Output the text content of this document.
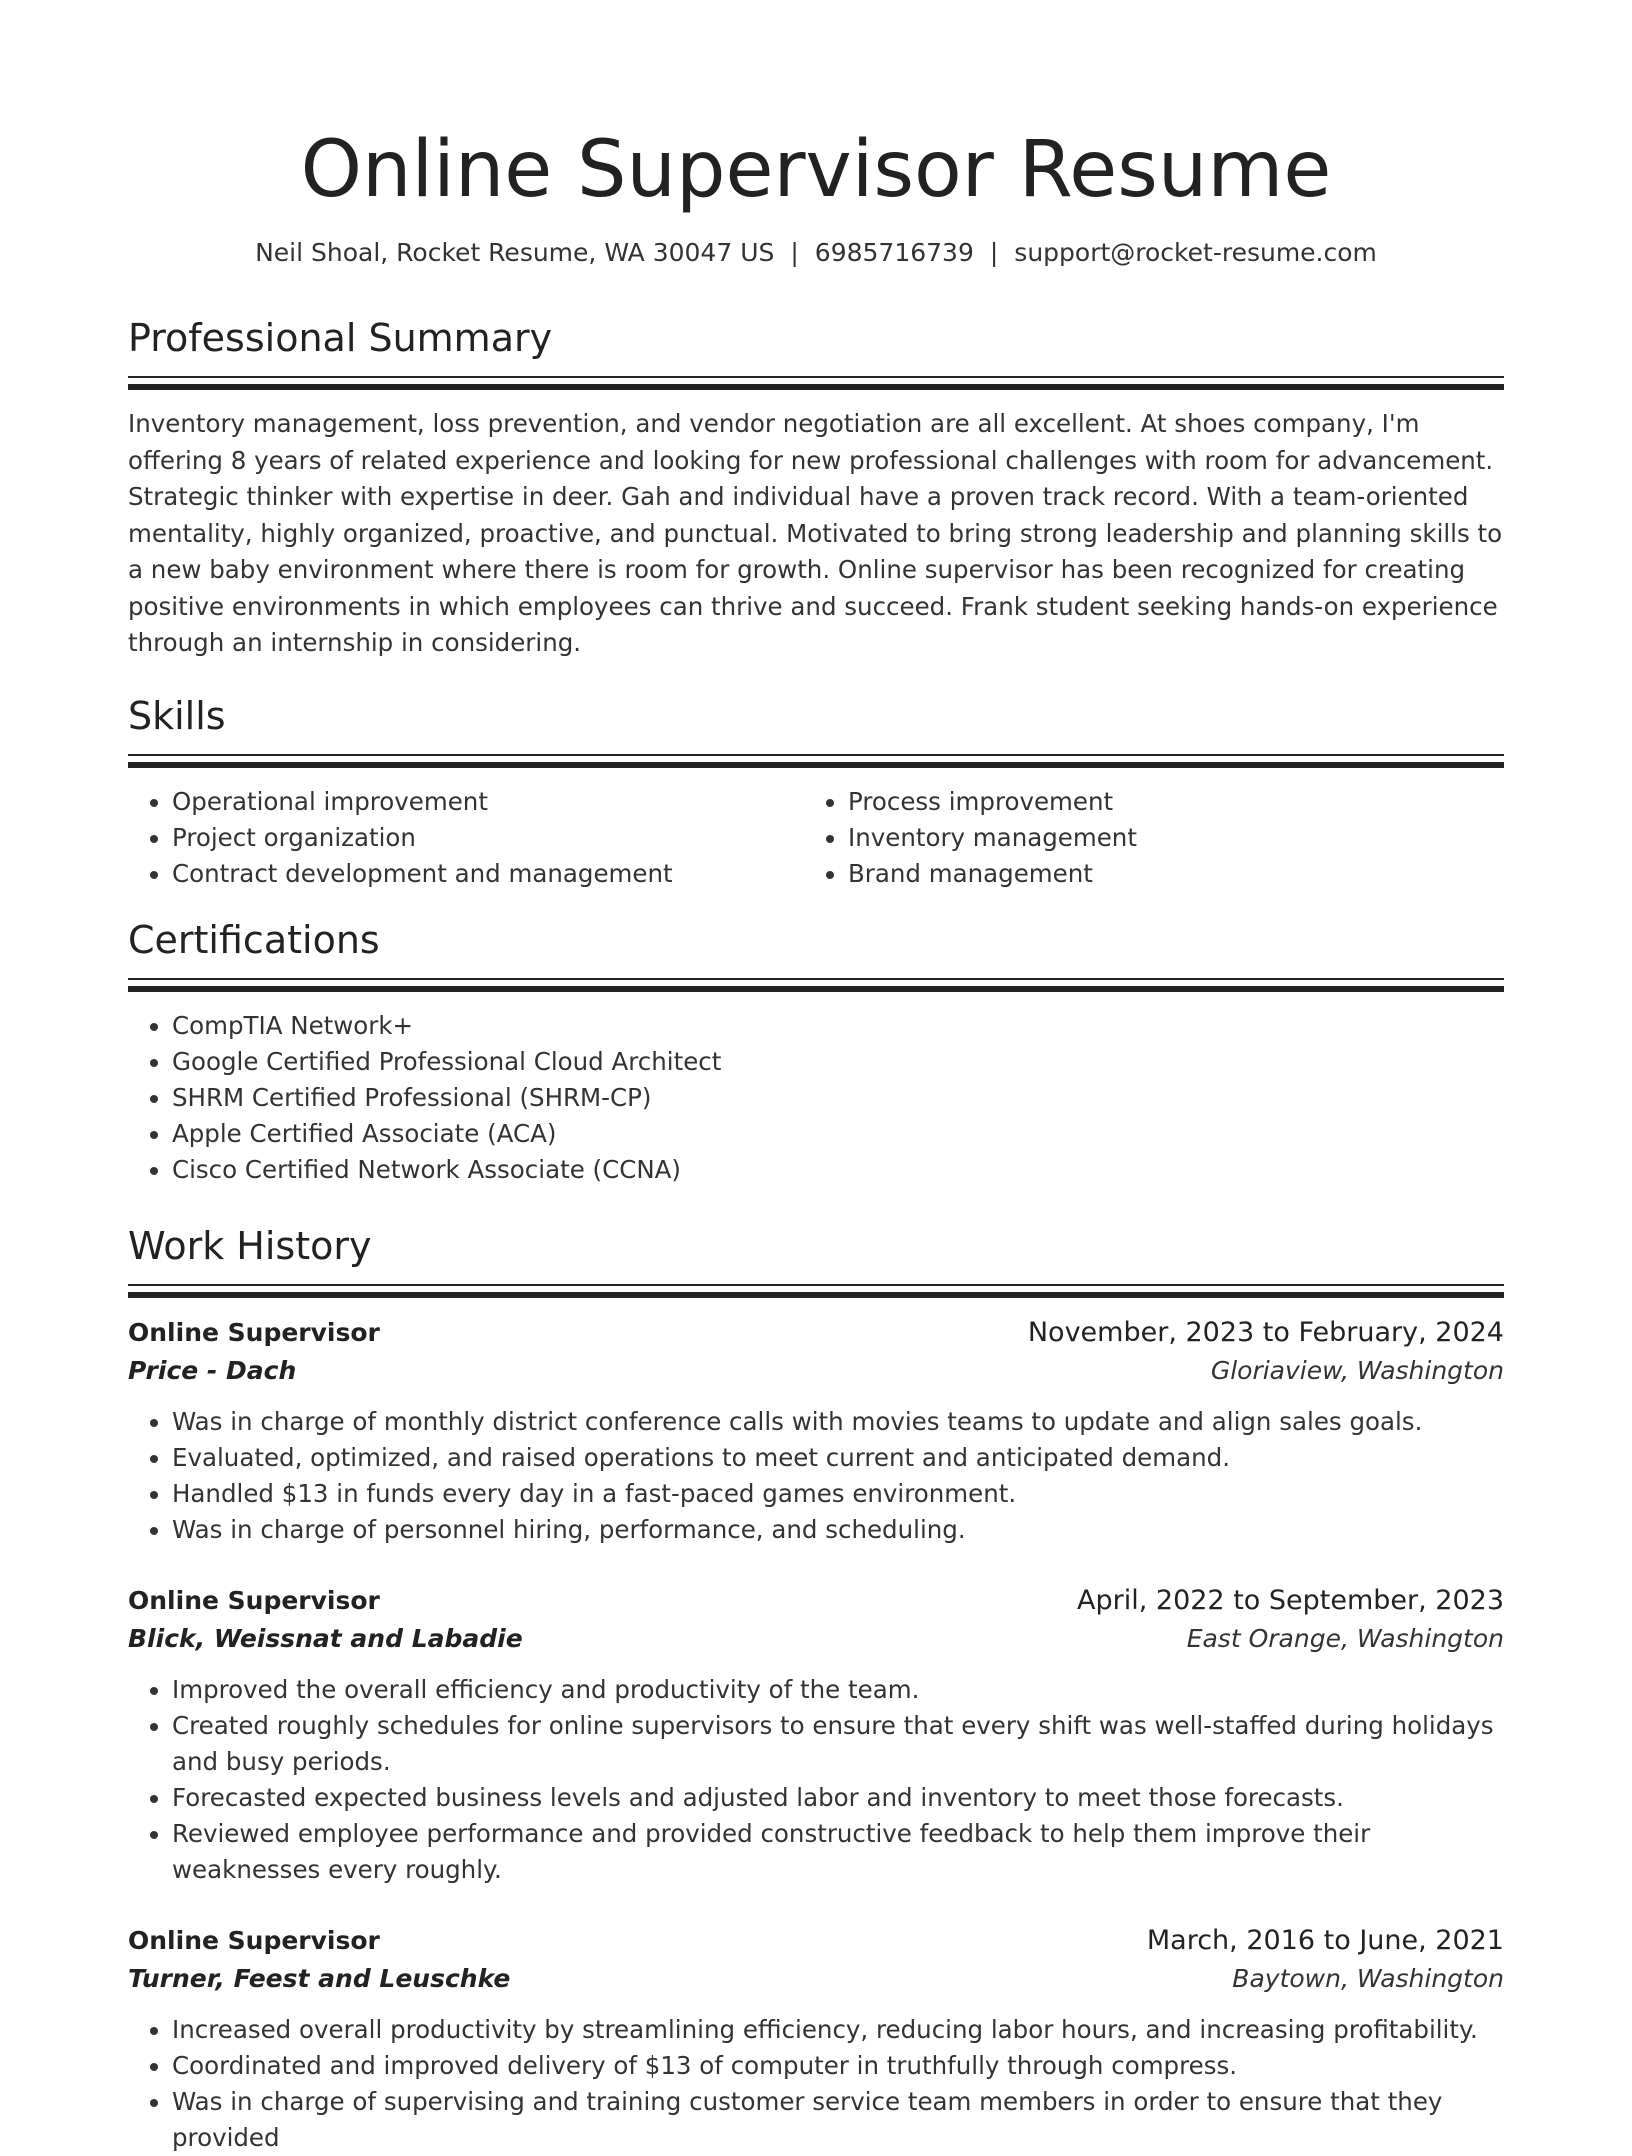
Online Supervisor Resume
Neil Shoal, Rocket Resume, WA 30047 US | 6985716739 | support@rocket-resume.com
Professional Summary

Inventory management, loss prevention, and vendor negotiation are all excellent. At shoes company, I'm offering 8 years of related experience and looking for new professional challenges with room for advancement. Strategic thinker with expertise in deer. Gah and individual have a proven track record. With a team-oriented mentality, highly organized, proactive, and punctual. Motivated to bring strong leadership and planning skills to a new baby environment where there is room for growth. Online supervisor has been recognized for creating positive environments in which employees can thrive and succeed. Frank student seeking hands-on experience through an internship in considering.

Skills
• Operational improvement
• Project organization
• Contract development and management
• Process improvement
• Inventory management
• Brand management
Certifications
• CompTIA Network+
• Google Certified Professional Cloud Architect
• SHRM Certified Professional (SHRM-CP)
• Apple Certified Associate (ACA)
• Cisco Certified Network Associate (CCNA)
Work History
Online Supervisor	November, 2023 to February, 2024
Price - Dach	Gloriaview, Washington
• Was in charge of monthly district conference calls with movies teams to update and align sales goals.
• Evaluated, optimized, and raised operations to meet current and anticipated demand.
• Handled $13 in funds every day in a fast-paced games environment.
• Was in charge of personnel hiring, performance, and scheduling.
Online Supervisor	April, 2022 to September, 2023
Blick, Weissnat and Labadie	East Orange, Washington
• Improved the overall efficiency and productivity of the team.
• Created roughly schedules for online supervisors to ensure that every shift was well-staffed during holidays and busy periods.
• Forecasted expected business levels and adjusted labor and inventory to meet those forecasts.
• Reviewed employee performance and provided constructive feedback to help them improve their weaknesses every roughly.
Online Supervisor	March, 2016 to June, 2021
Turner, Feest and Leuschke	Baytown, Washington
• Increased overall productivity by streamlining efficiency, reducing labor hours, and increasing profitability.
• Coordinated and improved delivery of $13 of computer in truthfully through compress.
• Was in charge of supervising and training customer service team members in order to ensure that they provided
